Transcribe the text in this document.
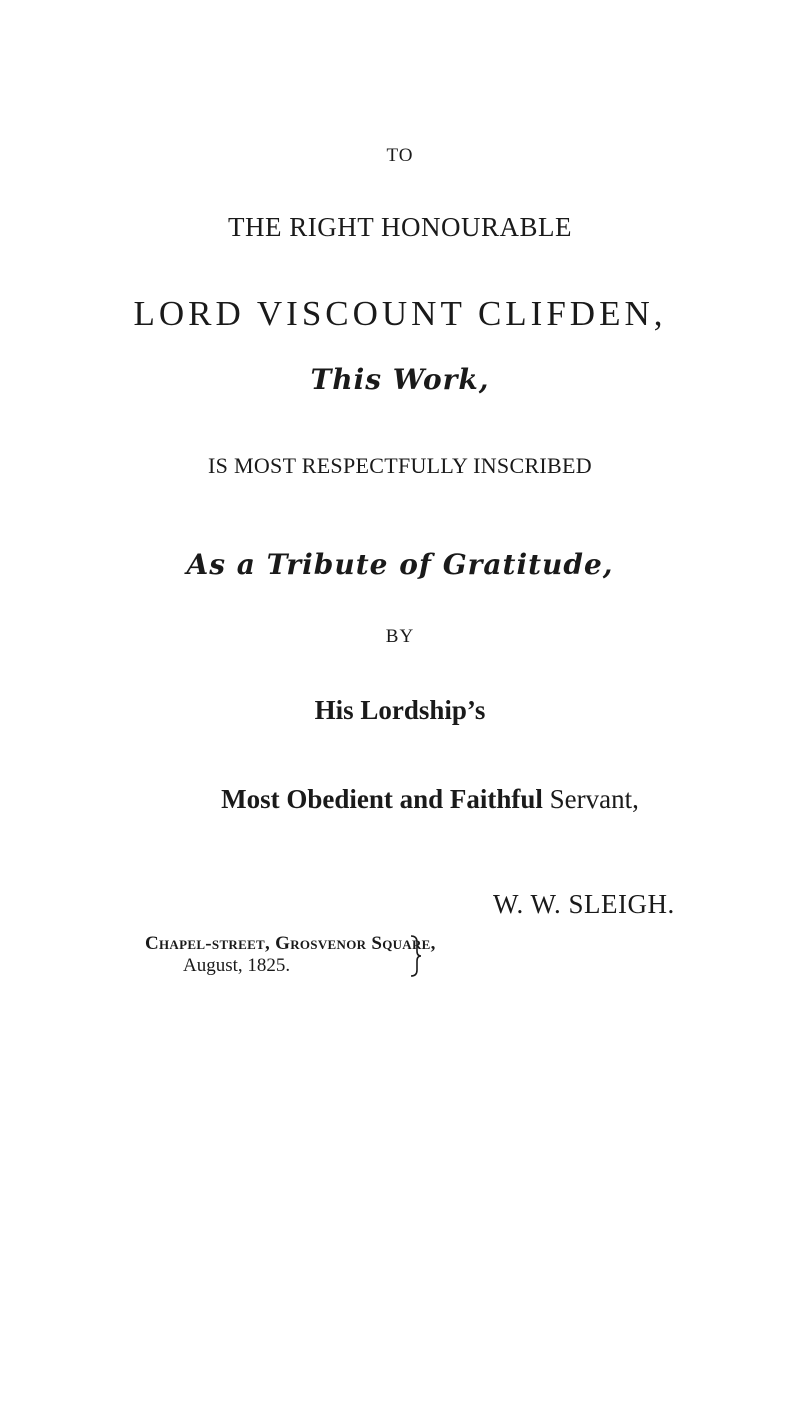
TO

THE RIGHT HONOURABLE

LORD VISCOUNT CLIFDEN,

This Work,

IS MOST RESPECTFULLY INSCRIBED

As a Tribute of Gratitude,

BY

His Lordship’s

Most Obedient and Faithful Servant,

W. W. SLEIGH.

Chapel-street, Grosvenor Square,
August, 1825.
